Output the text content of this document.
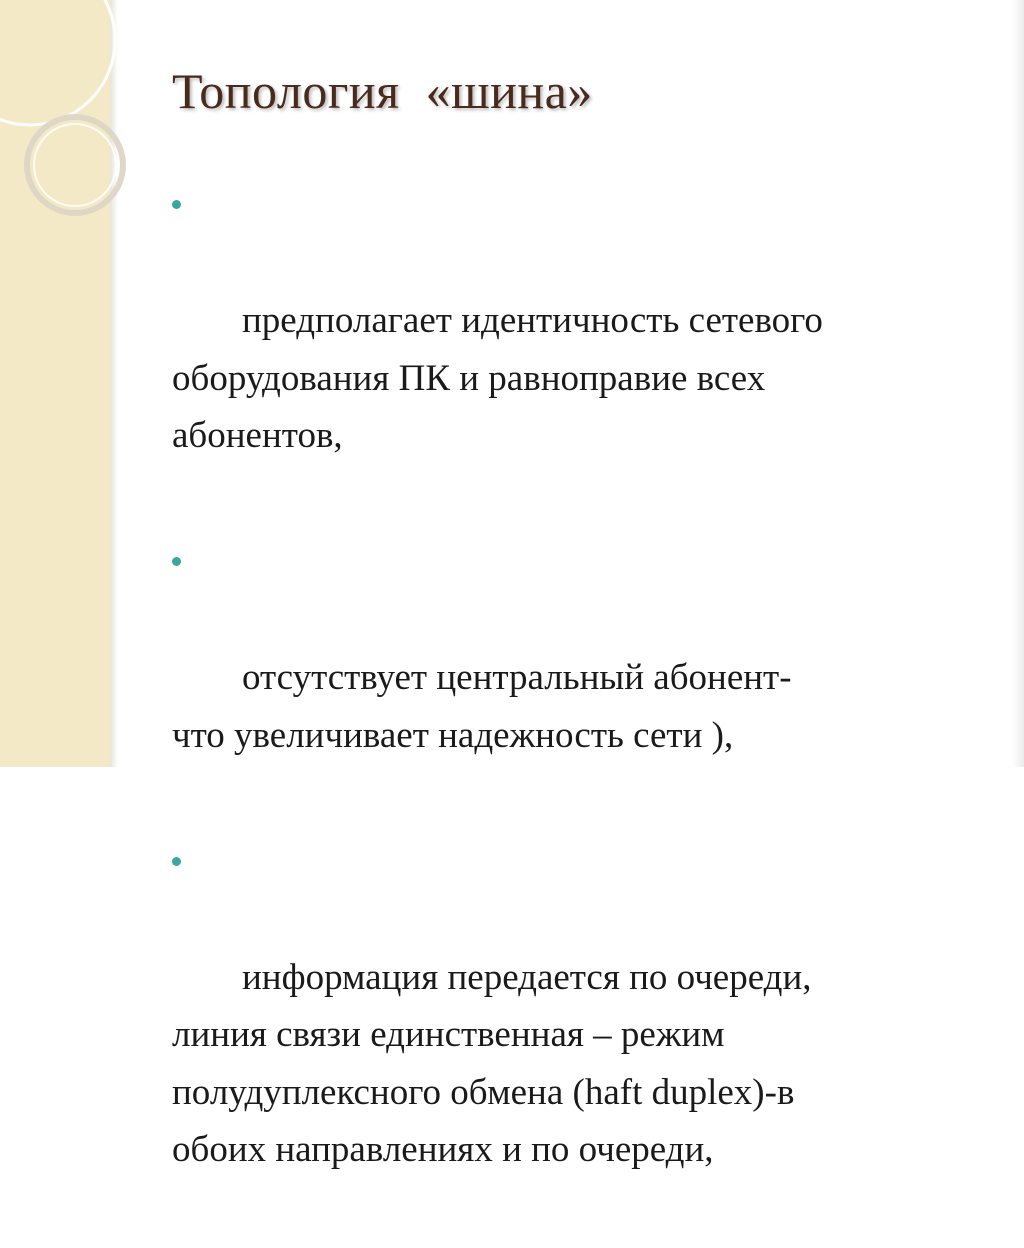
Топология  «шина»

предполагает идентичность сетевого
оборудования ПК и равноправие всех
абонентов,

отсутствует центральный абонент-
что увеличивает надежность сети ),

информация передается по очереди,
линия связи единственная – режим
полудуплексного обмена (haft duplex)-в
обоих направлениях и по очереди,
